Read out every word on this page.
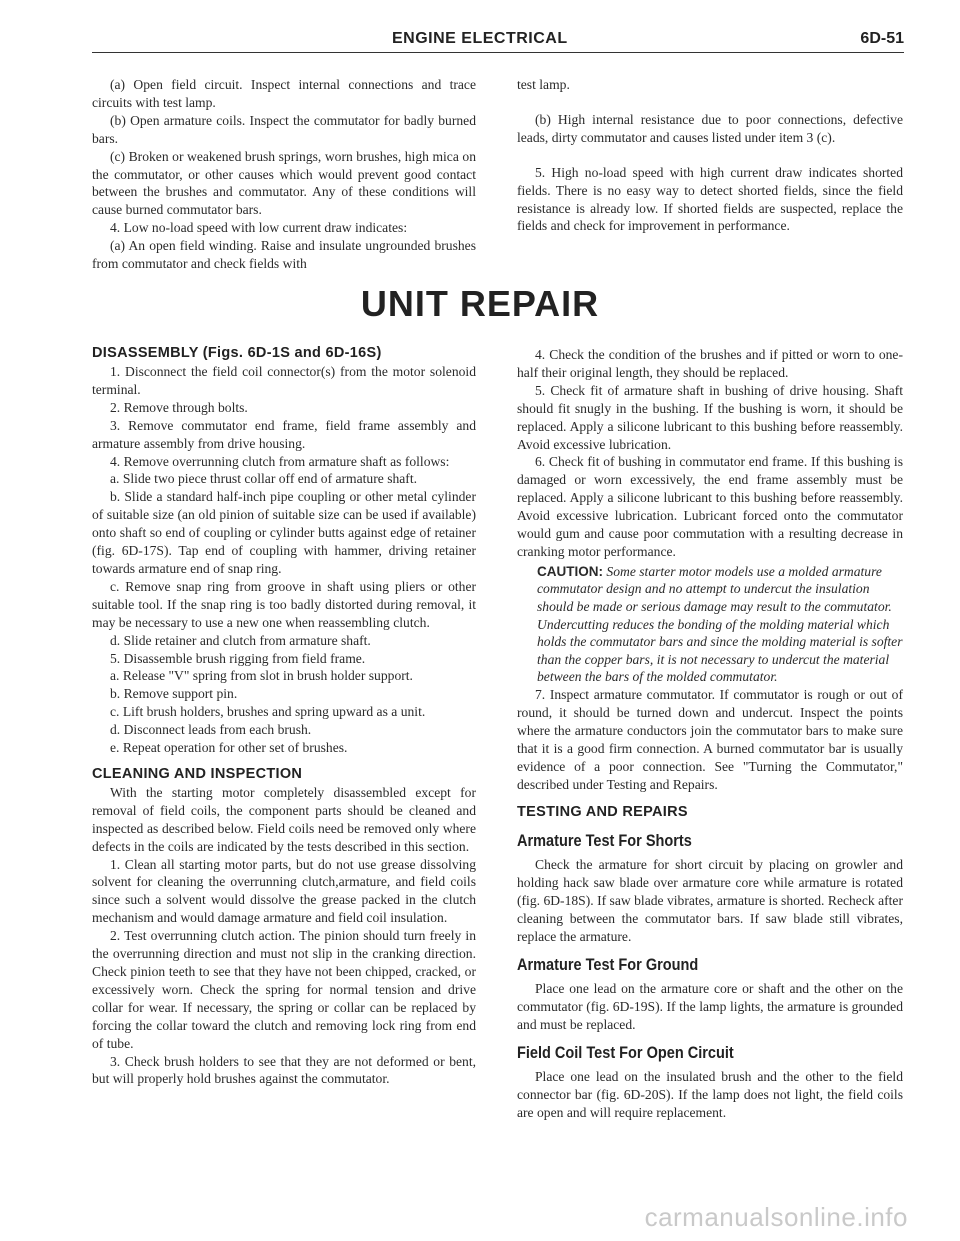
ENGINE ELECTRICAL	6D-51

(a) Open field circuit. Inspect internal connections and trace circuits with test lamp.

(b) Open armature coils. Inspect the commutator for badly burned bars.

(c) Broken or weakened brush springs, worn brushes, high mica on the commutator, or other causes which would prevent good contact between the brushes and commutator. Any of these conditions will cause burned commutator bars.

4. Low no-load speed with low current draw indicates:

(a) An open field winding. Raise and insulate ungrounded brushes from commutator and check fields with

test lamp.

(b) High internal resistance due to poor connections, defective leads, dirty commutator and causes listed under item 3 (c).

5. High no-load speed with high current draw indicates shorted fields. There is no easy way to detect shorted fields, since the field resistance is already low. If shorted fields are suspected, replace the fields and check for improvement in performance.

UNIT REPAIR
DISASSEMBLY (Figs. 6D-1S and 6D-16S)

1. Disconnect the field coil connector(s) from the motor solenoid terminal.

2. Remove through bolts.

3. Remove commutator end frame, field frame assembly and armature assembly from drive housing.

4. Remove overrunning clutch from armature shaft as follows:

a. Slide two piece thrust collar off end of armature shaft.

b. Slide a standard half-inch pipe coupling or other metal cylinder of suitable size (an old pinion of suitable size can be used if available) onto shaft so end of coupling or cylinder butts against edge of retainer (fig. 6D-17S). Tap end of coupling with hammer, driving retainer towards armature end of snap ring.

c. Remove snap ring from groove in shaft using pliers or other suitable tool. If the snap ring is too badly distorted during removal, it may be necessary to use a new one when reassembling clutch.

d. Slide retainer and clutch from armature shaft.

5. Disassemble brush rigging from field frame.

a. Release "V" spring from slot in brush holder support.

b. Remove support pin.

c. Lift brush holders, brushes and spring upward as a unit.

d. Disconnect leads from each brush.

e. Repeat operation for other set of brushes.

CLEANING AND INSPECTION

With the starting motor completely disassembled except for removal of field coils, the component parts should be cleaned and inspected as described below. Field coils need be removed only where defects in the coils are indicated by the tests described in this section.

1. Clean all starting motor parts, but do not use grease dissolving solvent for cleaning the overrunning clutch,armature, and field coils since such a solvent would dissolve the grease packed in the clutch mechanism and would damage armature and field coil insulation.

2. Test overrunning clutch action. The pinion should turn freely in the overrunning direction and must not slip in the cranking direction. Check pinion teeth to see that they have not been chipped, cracked, or excessively worn. Check the spring for normal tension and drive collar for wear. If necessary, the spring or collar can be replaced by forcing the collar toward the clutch and removing lock ring from end of tube.

3. Check brush holders to see that they are not deformed or bent, but will properly hold brushes against the commutator.

4. Check the condition of the brushes and if pitted or worn to one-half their original length, they should be replaced.

5. Check fit of armature shaft in bushing of drive housing. Shaft should fit snugly in the bushing. If the bushing is worn, it should be replaced. Apply a silicone lubricant to this bushing before reassembly. Avoid excessive lubrication.

6. Check fit of bushing in commutator end frame. If this bushing is damaged or worn excessively, the end frame assembly must be replaced. Apply a silicone lubricant to this bushing before reassembly. Avoid excessive lubrication. Lubricant forced onto the commutator would gum and cause poor commutation with a resulting decrease in cranking motor performance.

CAUTION: Some starter motor models use a molded armature commutator design and no attempt to undercut the insulation should be made or serious damage may result to the commutator. Undercutting reduces the bonding of the molding material which holds the commutator bars and since the molding material is softer than the copper bars, it is not necessary to undercut the material between the bars of the molded commutator.

7. Inspect armature commutator. If commutator is rough or out of round, it should be turned down and undercut. Inspect the points where the armature conductors join the commutator bars to make sure that it is a good firm connection. A burned commutator bar is usually evidence of a poor connection. See "Turning the Commutator," described under Testing and Repairs.

TESTING AND REPAIRS
Armature Test For Shorts

Check the armature for short circuit by placing on growler and holding hack saw blade over armature core while armature is rotated (fig. 6D-18S). If saw blade vibrates, armature is shorted. Recheck after cleaning between the commutator bars. If saw blade still vibrates, replace the armature.

Armature Test For Ground

Place one lead on the armature core or shaft and the other on the commutator (fig. 6D-19S). If the lamp lights, the armature is grounded and must be replaced.

Field Coil Test For Open Circuit

Place one lead on the insulated brush and the other to the field connector bar (fig. 6D-20S). If the lamp does not light, the field coils are open and will require replacement.

carmanualsonline.info
